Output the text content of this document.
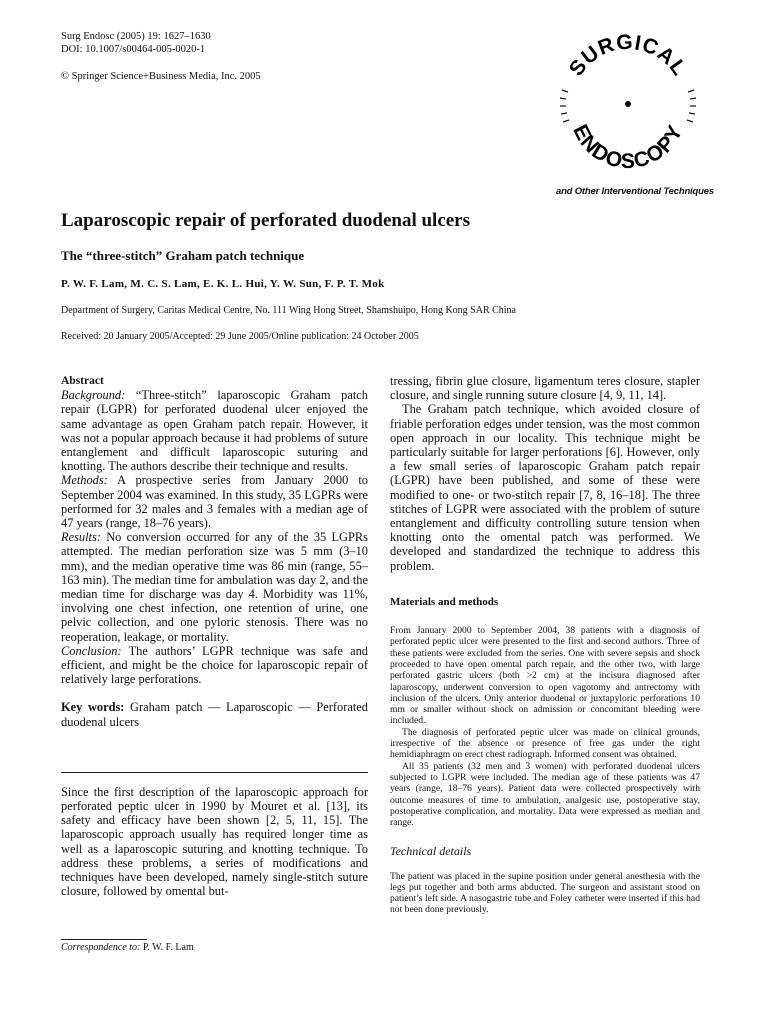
Surg Endosc (2005) 19: 1627–1630
DOI: 10.1007/s00464-005-0020-1
© Springer Science+Business Media, Inc. 2005	SURGICAL
ENDOSCOPY
and Other Interventional Techniques
Laparoscopic repair of perforated duodenal ulcers
The “three-stitch” Graham patch technique
P. W. F. Lam, M. C. S. Lam, E. K. L. Hui, Y. W. Sun, F. P. T. Mok
Department of Surgery, Caritas Medical Centre, No. 111 Wing Hong Street, Shamshuipo, Hong Kong SAR China
Received: 20 January 2005/Accepted: 29 June 2005/Online publication: 24 October 2005

Abstract

Background: “Three-stitch” laparoscopic Graham patch repair (LGPR) for perforated duodenal ulcer enjoyed the same advantage as open Graham patch repair. However, it was not a popular approach because it had problems of suture entanglement and difficult laparoscopic suturing and knotting. The authors describe their technique and results.

Methods: A prospective series from January 2000 to September 2004 was examined. In this study, 35 LGPRs were performed for 32 males and 3 females with a median age of 47 years (range, 18–76 years).

Results: No conversion occurred for any of the 35 LGPRs attempted. The median perforation size was 5 mm (3–10 mm), and the median operative time was 86 min (range, 55–163 min). The median time for ambulation was day 2, and the median time for discharge was day 4. Morbidity was 11%, involving one chest infection, one retention of urine, one pelvic collection, and one pyloric stenosis. There was no reoperation, leakage, or mortality.

Conclusion: The authors’ LGPR technique was safe and efficient, and might be the choice for laparoscopic repair of relatively large perforations.

Key words: Graham patch — Laparoscopic — Perforated duodenal ulcers

Since the first description of the laparoscopic approach for perforated peptic ulcer in 1990 by Mouret et al. [13], its safety and efficacy have been shown [2, 5, 11, 15]. The laparoscopic approach usually has required longer time as well as a laparoscopic suturing and knotting technique. To address these problems, a series of modifications and techniques have been developed, namely single-stitch suture closure, followed by omental but-

Correspondence to: P. W. F. Lam

tressing, fibrin glue closure, ligamentum teres closure, stapler closure, and single running suture closure [4, 9, 11, 14].

The Graham patch technique, which avoided closure of friable perforation edges under tension, was the most common open approach in our locality. This technique might be particularly suitable for larger perforations [6]. However, only a few small series of laparoscopic Graham patch repair (LGPR) have been published, and some of these were modified to one- or two-stitch repair [7, 8, 16–18]. The three stitches of LGPR were associated with the problem of suture entanglement and difficulty controlling suture tension when knotting onto the omental patch was performed. We developed and standardized the technique to address this problem.

Materials and methods

From January 2000 to September 2004, 38 patients with a diagnosis of perforated peptic ulcer were presented to the first and second authors. Three of these patients were excluded from the series. One with severe sepsis and shock proceeded to have open omental patch repair, and the other two, with large perforated gastric ulcers (both >2 cm) at the incisura diagnosed after laparoscopy, underwent conversion to open vagotomy and antrectomy with inclusion of the ulcers. Only anterior duodenal or juxtapyloric perforations 10 mm or smaller without shock on admission or concomitant bleeding were included.

The diagnosis of perforated peptic ulcer was made on clinical grounds, irrespective of the absence or presence of free gas under the right hemidiaphragm on erect chest radiograph. Informed consent was obtained.

All 35 patients (32 men and 3 women) with perforated duodenal ulcers subjected to LGPR were included. The median age of these patients was 47 years (range, 18–76 years). Patient data were collected prospectively with outcome measures of time to ambulation, analgesic use, postoperative stay, postoperative complication, and mortality. Data were expressed as median and range.

Technical details

The patient was placed in the supine position under general anesthesia with the legs put together and both arms abducted. The surgeon and assistant stood on patient’s left side. A nasogastric tube and Foley catheter were inserted if this had not been done previously.
